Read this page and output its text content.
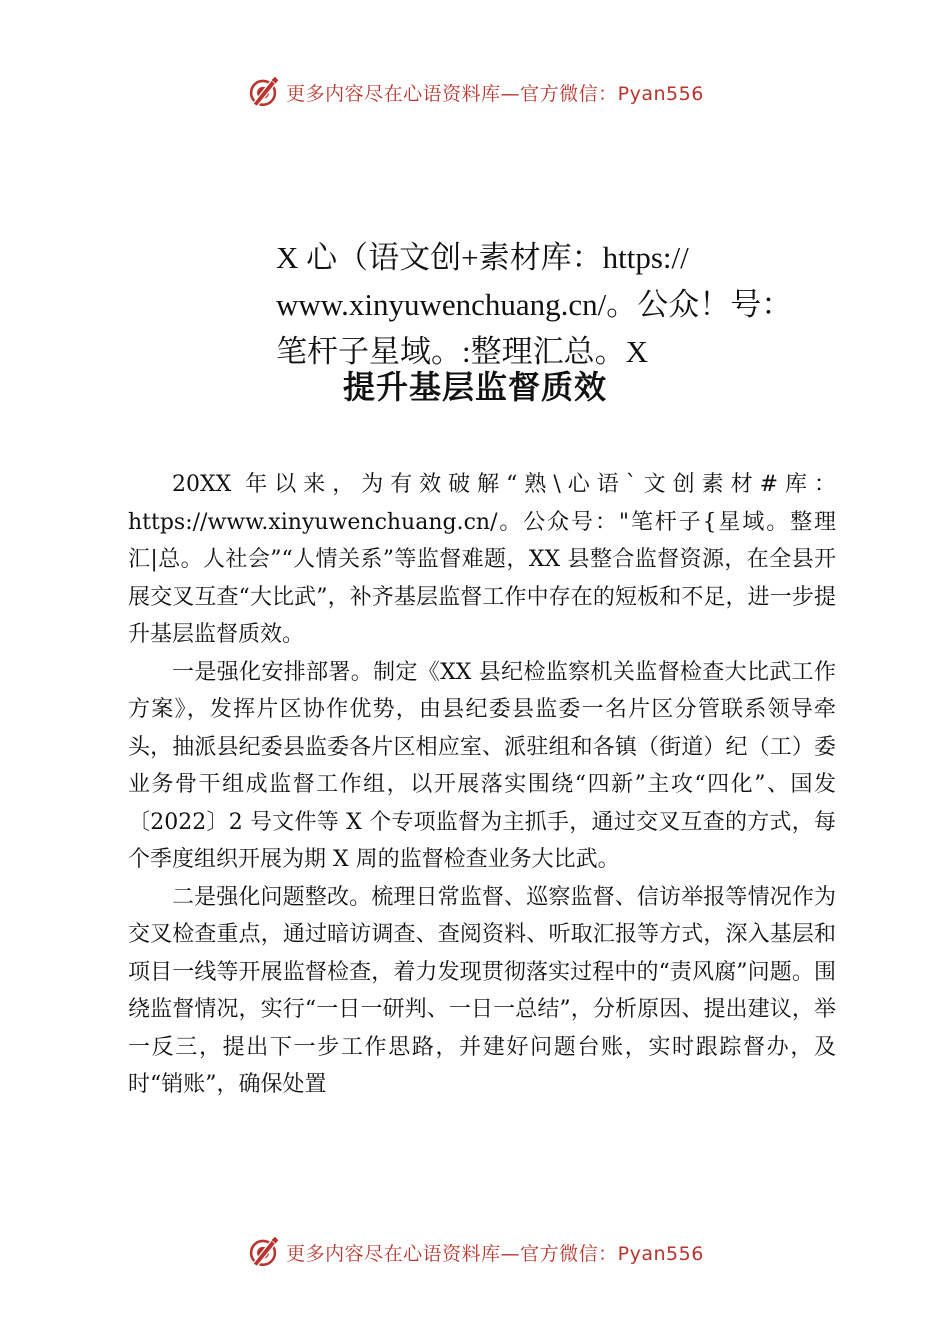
更多内容尽在心语资料库—官方微信：Pyan556
X 心（语文创+素材库：https://
www.xinyuwenchuang.cn/。公众！号：
笔杆子星域。:整理汇总。X
提升基层监督质效

20XX 年以来，为有效破解“熟\心语`文创素材#库：https://www.xinyuwenchuang.cn/。公众号："笔杆子{星域。整理汇|总。人社会”“人情关系”等监督难题，XX 县整合监督资源，在全县开展交叉互查“大比武”，补齐基层监督工作中存在的短板和不足，进一步提升基层监督质效。

一是强化安排部署。制定《XX 县纪检监察机关监督检查大比武工作方案》，发挥片区协作优势，由县纪委县监委一名片区分管联系领导牵头，抽派县纪委县监委各片区相应室、派驻组和各镇（街道）纪（工）委业务骨干组成监督工作组，以开展落实围绕“四新”主攻“四化”、国发〔2022〕2 号文件等 X 个专项监督为主抓手，通过交叉互查的方式，每个季度组织开展为期 X 周的监督检查业务大比武。

二是强化问题整改。梳理日常监督、巡察监督、信访举报等情况作为交叉检查重点，通过暗访调查、查阅资料、听取汇报等方式，深入基层和项目一线等开展监督检查，着力发现贯彻落实过程中的“责风腐”问题。围绕监督情况，实行“一日一研判、一日一总结”，分析原因、提出建议，举一反三，提出下一步工作思路，并建好问题台账，实时跟踪督办，及时“销账”，确保处置

更多内容尽在心语资料库—官方微信：Pyan556
